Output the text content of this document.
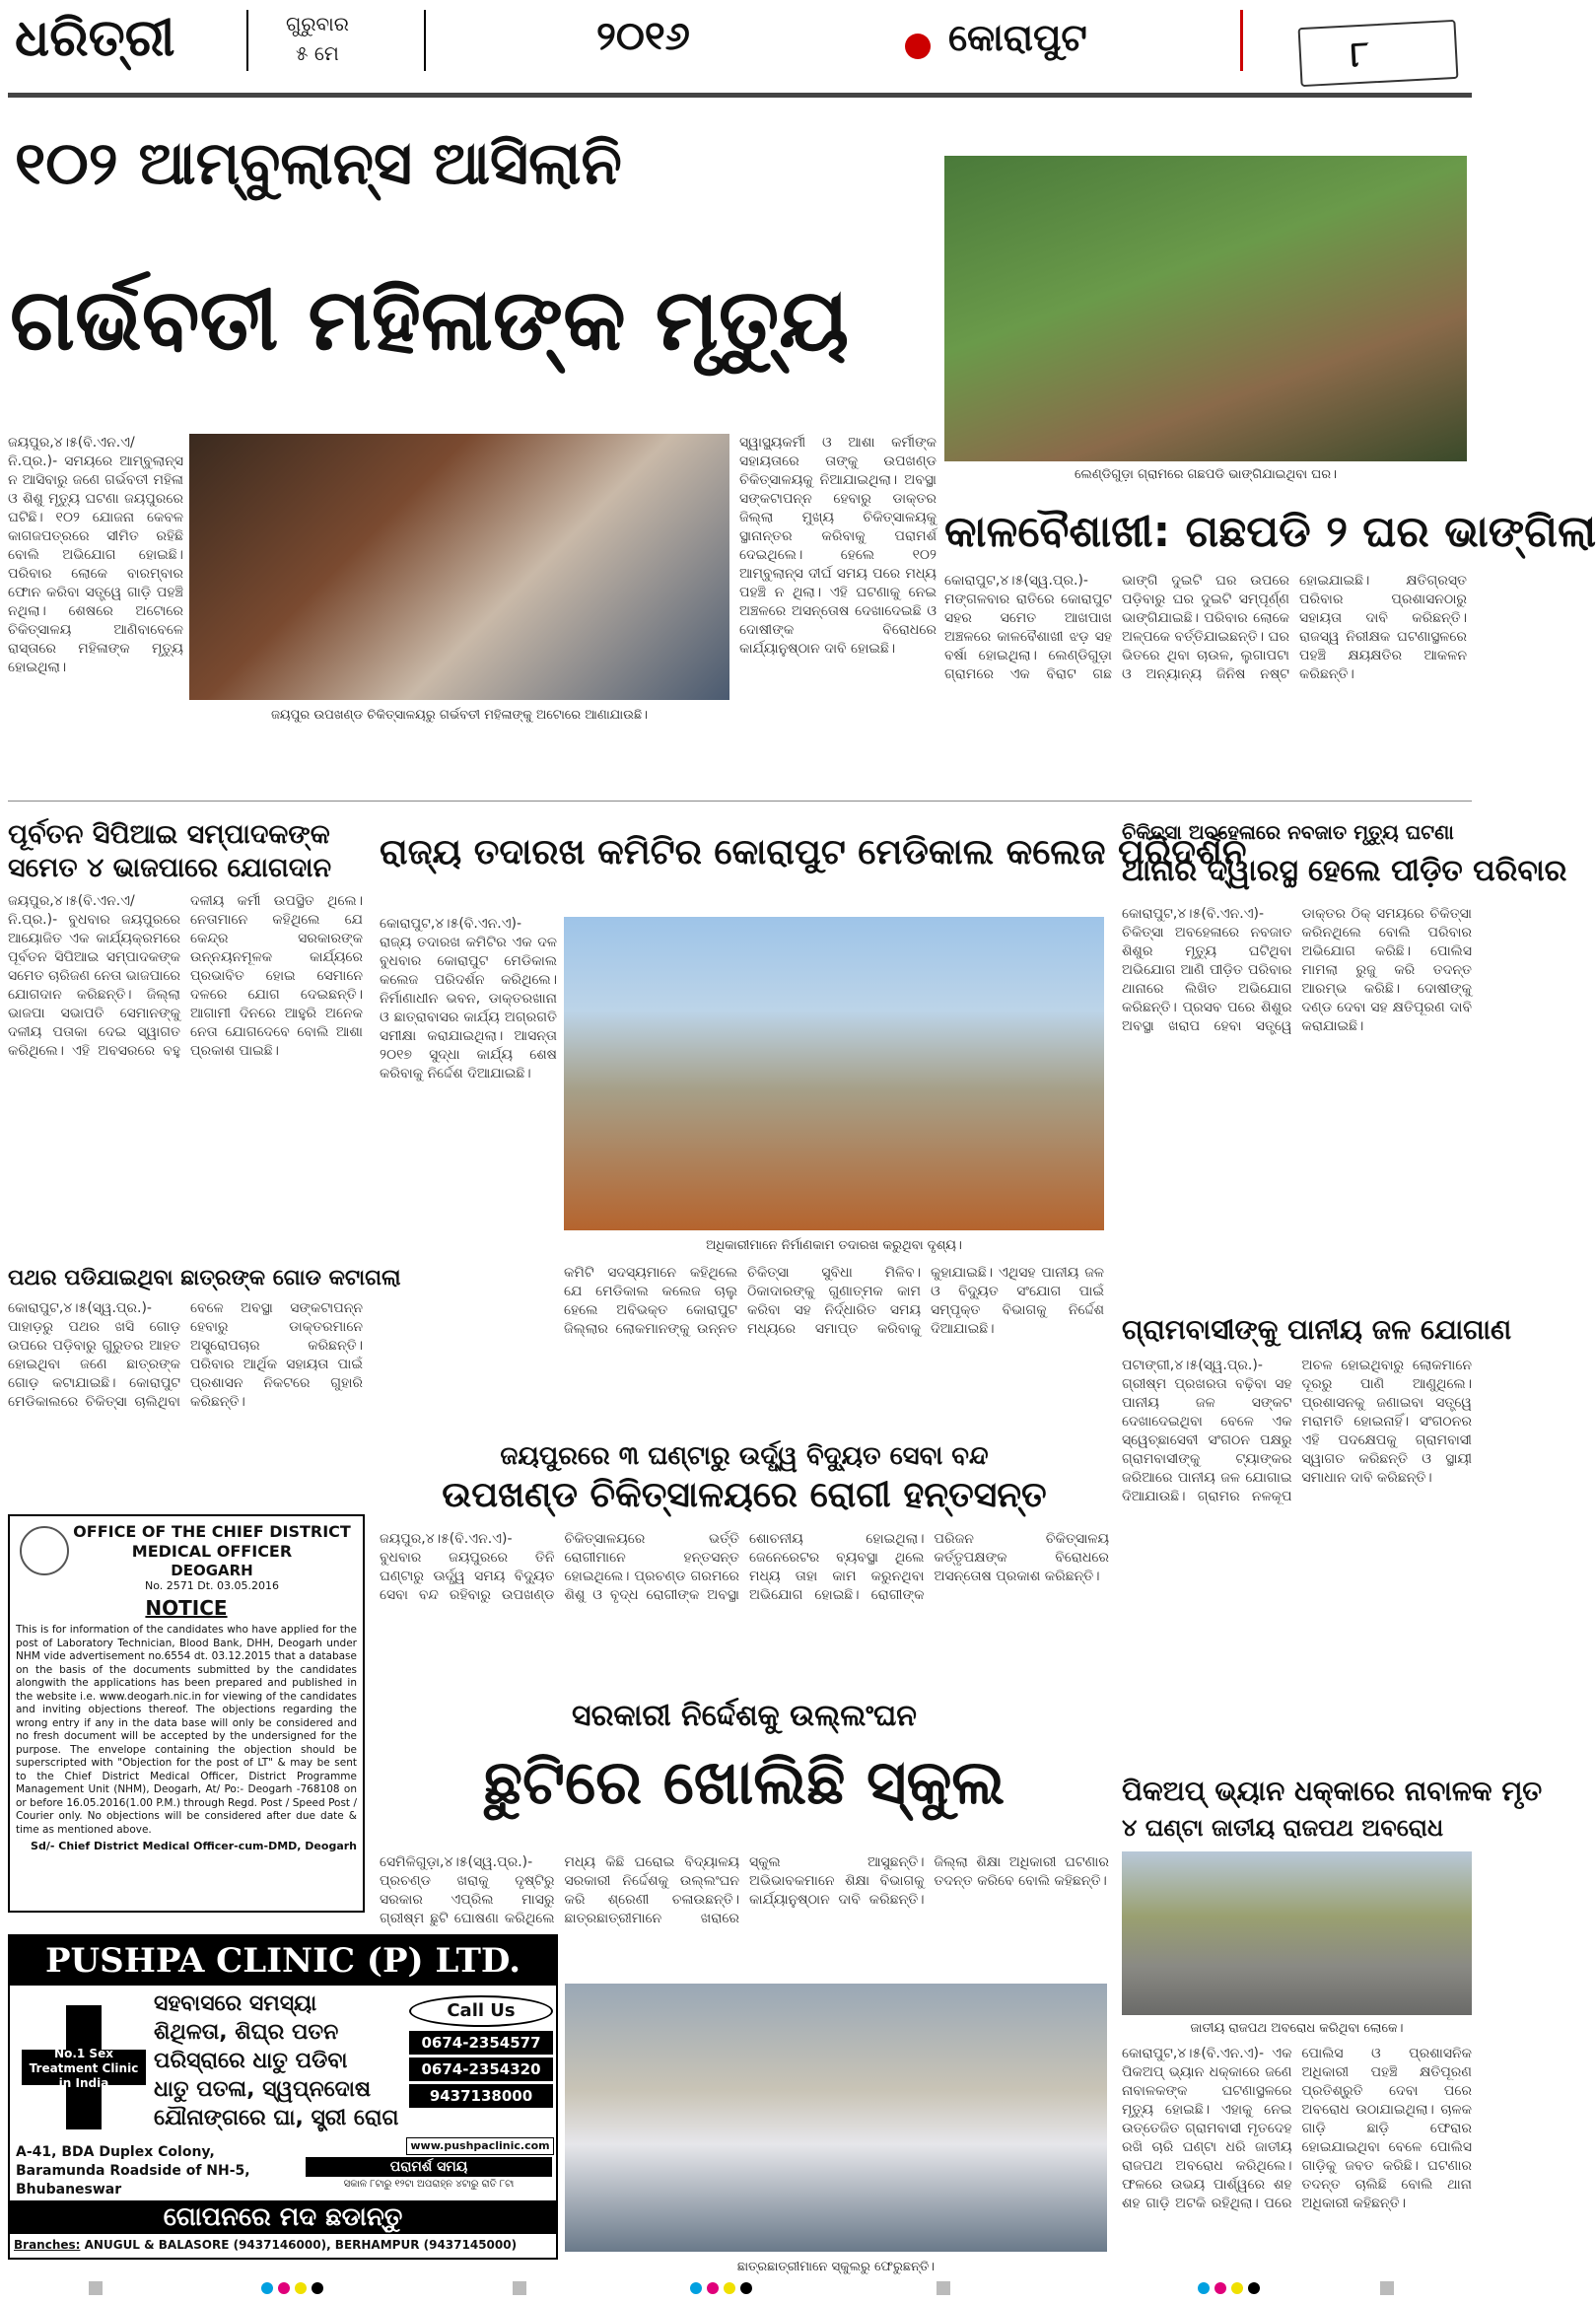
ଧରିତ୍ରୀ	ଗୁରୁବାର
୫ ମେ	୨୦୧୬	କୋରାପୁଟ	୮
୧୦୨ ଆମ୍ବୁଲାନ୍ସ ଆସିଲାନି
ଗର୍ଭବତୀ ମହିଳାଙ୍କ ମୃତ୍ୟୁ
ଜୟପୁର ଉପଖଣ୍ଡ ଚିକିତ୍ସାଳୟରୁ ଗର୍ଭବତୀ ମହିଳାଙ୍କୁ ଅଟୋରେ ଆଣାଯାଉଛି।
ଜୟପୁର,୪।୫(ବି.ଏନ.ଏ/ନି.ପ୍ର.)- ସମୟରେ ଆମ୍ବୁଲାନ୍ସ ନ ଆସିବାରୁ ଜଣେ ଗର୍ଭବତୀ ମହିଳା ଓ ଶିଶୁ ମୃତ୍ୟୁ ଘଟଣା ଜୟପୁରରେ ଘଟିଛି। ୧୦୨ ଯୋଜନା କେବଳ କାଗଜପତ୍ରରେ ସୀମିତ ରହିଛି ବୋଲି ଅଭିଯୋଗ ହୋଇଛି। ପରିବାର ଲୋକେ ବାରମ୍ବାର ଫୋନ କରିବା ସତ୍ତ୍ୱେ ଗାଡ଼ି ପହଞ୍ଚି ନଥିଲା। ଶେଷରେ ଅଟୋରେ ଚିକିତ୍ସାଳୟ ଆଣିବାବେଳେ ରାସ୍ତାରେ ମହିଳାଙ୍କ ମୃତ୍ୟୁ ହୋଇଥିଲା।
ସ୍ୱାସ୍ଥ୍ୟକର୍ମୀ ଓ ଆଶା କର୍ମୀଙ୍କ ସହାୟତାରେ ତାଙ୍କୁ ଉପଖଣ୍ଡ ଚିକିତ୍ସାଳୟକୁ ନିଆଯାଇଥିଲା। ଅବସ୍ଥା ସଙ୍କଟାପନ୍ନ ହେବାରୁ ଡାକ୍ତର ଜିଲ୍ଲା ମୁଖ୍ୟ ଚିକିତ୍ସାଳୟକୁ ସ୍ଥାନାନ୍ତର କରିବାକୁ ପରାମର୍ଶ ଦେଇଥିଲେ। ହେଲେ ୧୦୨ ଆମ୍ବୁଲାନ୍ସ ଦୀର୍ଘ ସମୟ ପରେ ମଧ୍ୟ ପହଞ୍ଚି ନ ଥିଲା। ଏହି ଘଟଣାକୁ ନେଇ ଅଞ୍ଚଳରେ ଅସନ୍ତୋଷ ଦେଖାଦେଇଛି ଓ ଦୋଷୀଙ୍କ ବିରୋଧରେ କାର୍ଯ୍ୟାନୁଷ୍ଠାନ ଦାବି ହୋଇଛି।
ଲେଣ୍ଡିଗୁଡ଼ା ଗ୍ରାମରେ ଗଛପଡି ଭାଙ୍ଗିଯାଇଥିବା ଘର।
କାଳବୈଶାଖୀ: ଗଛପଡି ୨ ଘର ଭାଙ୍ଗିଲା
କୋରାପୁଟ,୪।୫(ସ୍ୱ.ପ୍ର.)- ମଙ୍ଗଳବାର ରାତିରେ କୋରାପୁଟ ସହର ସମେତ ଆଖପାଖ ଅଞ୍ଚଳରେ କାଳବୈଶାଖୀ ଝଡ଼ ସହ ବର୍ଷା ହୋଇଥିଲା। ଲେଣ୍ଡିଗୁଡ଼ା ଗ୍ରାମରେ ଏକ ବିରାଟ ଗଛ ଭାଙ୍ଗି ଦୁଇଟି ଘର ଉପରେ ପଡ଼ିବାରୁ ଘର ଦୁଇଟି ସମ୍ପୂର୍ଣ୍ଣ ଭାଙ୍ଗିଯାଇଛି। ପରିବାର ଲୋକେ ଅଳ୍ପକେ ବର୍ତ୍ତିଯାଇଛନ୍ତି। ଘର ଭିତରେ ଥିବା ଚାଉଳ, ଲୁଗାପଟା ଓ ଅନ୍ୟାନ୍ୟ ଜିନିଷ ନଷ୍ଟ ହୋଇଯାଇଛି। କ୍ଷତିଗ୍ରସ୍ତ ପରିବାର ପ୍ରଶାସନଠାରୁ ସହାୟତା ଦାବି କରିଛନ୍ତି। ରାଜସ୍ୱ ନିରୀକ୍ଷକ ଘଟଣାସ୍ଥଳରେ ପହଞ୍ଚି କ୍ଷୟକ୍ଷତିର ଆକଳନ କରିଛନ୍ତି।
ପୂର୍ବତନ ସିପିଆଇ ସମ୍ପାଦକଙ୍କ ସମେତ ୪ ଭାଜପାରେ ଯୋଗଦାନ
ଜୟପୁର,୪।୫(ବି.ଏନ.ଏ/ନି.ପ୍ର.)- ବୁଧବାର ଜୟପୁରରେ ଆୟୋଜିତ ଏକ କାର୍ଯ୍ୟକ୍ରମରେ ପୂର୍ବତନ ସିପିଆଇ ସମ୍ପାଦକଙ୍କ ସମେତ ଚାରିଜଣ ନେତା ଭାଜପାରେ ଯୋଗଦାନ କରିଛନ୍ତି। ଜିଲ୍ଲା ଭାଜପା ସଭାପତି ସେମାନଙ୍କୁ ଦଳୀୟ ପତାକା ଦେଇ ସ୍ୱାଗତ କରିଥିଲେ। ଏହି ଅବସରରେ ବହୁ ଦଳୀୟ କର୍ମୀ ଉପସ୍ଥିତ ଥିଲେ। ନେତାମାନେ କହିଥିଲେ ଯେ କେନ୍ଦ୍ର ସରକାରଙ୍କ ଉନ୍ନୟନମୂଳକ କାର୍ଯ୍ୟରେ ପ୍ରଭାବିତ ହୋଇ ସେମାନେ ଦଳରେ ଯୋଗ ଦେଇଛନ୍ତି। ଆଗାମୀ ଦିନରେ ଆହୁରି ଅନେକ ନେତା ଯୋଗଦେବେ ବୋଲି ଆଶା ପ୍ରକାଶ ପାଇଛି।
ପଥର ପଡିଯାଇଥିବା ଛାତ୍ରଙ୍କ ଗୋଡ କଟାଗଲା
କୋରାପୁଟ,୪।୫(ସ୍ୱ.ପ୍ର.)- ପାହାଡ଼ରୁ ପଥର ଖସି ଗୋଡ଼ ଉପରେ ପଡ଼ିବାରୁ ଗୁରୁତର ଆହତ ହୋଇଥିବା ଜଣେ ଛାତ୍ରଙ୍କ ଗୋଡ଼ କଟାଯାଇଛି। କୋରାପୁଟ ମେଡିକାଲରେ ଚିକିତ୍ସା ଚାଲିଥିବା ବେଳେ ଅବସ୍ଥା ସଙ୍କଟାପନ୍ନ ହେବାରୁ ଡାକ୍ତରମାନେ ଅସ୍ତ୍ରୋପଚାର କରିଛନ୍ତି। ପରିବାର ଆର୍ଥିକ ସହାୟତା ପାଇଁ ପ୍ରଶାସନ ନିକଟରେ ଗୁହାରି କରିଛନ୍ତି।
ରାଜ୍ୟ ତଦାରଖ କମିଟିର କୋରାପୁଟ ମେଡିକାଲ କଲେଜ ପରିଦର୍ଶନ
କୋରାପୁଟ,୪।୫(ବି.ଏନ.ଏ)- ରାଜ୍ୟ ତଦାରଖ କମିଟିର ଏକ ଦଳ ବୁଧବାର କୋରାପୁଟ ମେଡିକାଲ କଲେଜ ପରିଦର୍ଶନ କରିଥିଲେ। ନିର୍ମାଣାଧୀନ ଭବନ, ଡାକ୍ତରଖାନା ଓ ଛାତ୍ରାବାସର କାର୍ଯ୍ୟ ଅଗ୍ରଗତି ସମୀକ୍ଷା କରାଯାଇଥିଲା। ଆସନ୍ତା ୨୦୧୭ ସୁଦ୍ଧା କାର୍ଯ୍ୟ ଶେଷ କରିବାକୁ ନିର୍ଦ୍ଦେଶ ଦିଆଯାଇଛି।
ଅଧିକାରୀମାନେ ନିର୍ମାଣକାମ ତଦାରଖ କରୁଥିବା ଦୃଶ୍ୟ।
କମିଟି ସଦସ୍ୟମାନେ କହିଥିଲେ ଯେ ମେଡିକାଲ କଲେଜ ଚାଲୁ ହେଲେ ଅବିଭକ୍ତ କୋରାପୁଟ ଜିଲ୍ଲାର ଲୋକମାନଙ୍କୁ ଉନ୍ନତ ଚିକିତ୍ସା ସୁବିଧା ମିଳିବ। ଠିକାଦାରଙ୍କୁ ଗୁଣାତ୍ମକ କାମ କରିବା ସହ ନିର୍ଦ୍ଧାରିତ ସମୟ ମଧ୍ୟରେ ସମାପ୍ତ କରିବାକୁ କୁହାଯାଇଛି। ଏଥିସହ ପାନୀୟ ଜଳ ଓ ବିଦ୍ୟୁତ ସଂଯୋଗ ପାଇଁ ସମ୍ପୃକ୍ତ ବିଭାଗକୁ ନିର୍ଦ୍ଦେଶ ଦିଆଯାଇଛି।
ଚିକିତ୍ସା ଅବହେଳାରେ ନବଜାତ ମୃତ୍ୟୁ ଘଟଣା
ଥାନାର ଦ୍ୱାରସ୍ଥ ହେଲେ ପୀଡ଼ିତ ପରିବାର
କୋରାପୁଟ,୪।୫(ବି.ଏନ.ଏ)- ଚିକିତ୍ସା ଅବହେଳାରେ ନବଜାତ ଶିଶୁର ମୃତ୍ୟୁ ଘଟିଥିବା ଅଭିଯୋଗ ଆଣି ପୀଡ଼ିତ ପରିବାର ଥାନାରେ ଲିଖିତ ଅଭିଯୋଗ କରିଛନ୍ତି। ପ୍ରସବ ପରେ ଶିଶୁର ଅବସ୍ଥା ଖରାପ ହେବା ସତ୍ତ୍ୱେ ଡାକ୍ତର ଠିକ୍ ସମୟରେ ଚିକିତ୍ସା କରିନଥିଲେ ବୋଲି ପରିବାର ଅଭିଯୋଗ କରିଛି। ପୋଲିସ ମାମଲା ରୁଜୁ କରି ତଦନ୍ତ ଆରମ୍ଭ କରିଛି। ଦୋଷୀଙ୍କୁ ଦଣ୍ଡ ଦେବା ସହ କ୍ଷତିପୂରଣ ଦାବି କରାଯାଇଛି।
ଗ୍ରାମବାସୀଙ୍କୁ ପାନୀୟ ଜଳ ଯୋଗାଣ
ପଟାଙ୍ଗୀ,୪।୫(ସ୍ୱ.ପ୍ର.)- ଗ୍ରୀଷ୍ମ ପ୍ରଖରତା ବଢ଼ିବା ସହ ପାନୀୟ ଜଳ ସଙ୍କଟ ଦେଖାଦେଇଥିବା ବେଳେ ଏକ ସ୍ୱେଚ୍ଛାସେବୀ ସଂଗଠନ ପକ୍ଷରୁ ଗ୍ରାମବାସୀଙ୍କୁ ଟ୍ୟାଙ୍କର ଜରିଆରେ ପାନୀୟ ଜଳ ଯୋଗାଇ ଦିଆଯାଉଛି। ଗ୍ରାମର ନଳକୂପ ଅଚଳ ହୋଇଥିବାରୁ ଲୋକମାନେ ଦୂରରୁ ପାଣି ଆଣୁଥିଲେ। ପ୍ରଶାସନକୁ ଜଣାଇବା ସତ୍ତ୍ୱେ ମରାମତି ହୋଇନାହିଁ। ସଂଗଠନର ଏହି ପଦକ୍ଷେପକୁ ଗ୍ରାମବାସୀ ସ୍ୱାଗତ କରିଛନ୍ତି ଓ ସ୍ଥାୟୀ ସମାଧାନ ଦାବି କରିଛନ୍ତି।
ଜୟପୁରରେ ୩ ଘଣ୍ଟାରୁ ଉର୍ଦ୍ଧ୍ୱ ବିଦ୍ୟୁତ ସେବା ବନ୍ଦ
ଉପଖଣ୍ଡ ଚିକିତ୍ସାଳୟରେ ରୋଗୀ ହନ୍ତସନ୍ତ
ଜୟପୁର,୪।୫(ବି.ଏନ.ଏ)- ବୁଧବାର ଜୟପୁରରେ ତିନି ଘଣ୍ଟାରୁ ଊର୍ଦ୍ଧ୍ୱ ସମୟ ବିଦ୍ୟୁତ ସେବା ବନ୍ଦ ରହିବାରୁ ଉପଖଣ୍ଡ ଚିକିତ୍ସାଳୟରେ ଭର୍ତ୍ତି ରୋଗୀମାନେ ହନ୍ତସନ୍ତ ହୋଇଥିଲେ। ପ୍ରଚଣ୍ଡ ଗରମରେ ଶିଶୁ ଓ ବୃଦ୍ଧ ରୋଗୀଙ୍କ ଅବସ୍ଥା ଶୋଚନୀୟ ହୋଇଥିଲା। ଜେନେରେଟର ବ୍ୟବସ୍ଥା ଥିଲେ ମଧ୍ୟ ତାହା କାମ କରୁନଥିବା ଅଭିଯୋଗ ହୋଇଛି। ରୋଗୀଙ୍କ ପରିଜନ ଚିକିତ୍ସାଳୟ କର୍ତ୍ତୃପକ୍ଷଙ୍କ ବିରୋଧରେ ଅସନ୍ତୋଷ ପ୍ରକାଶ କରିଛନ୍ତି।
ସରକାରୀ ନିର୍ଦ୍ଦେଶକୁ ଉଲ୍ଲଂଘନ
ଛୁଟିରେ ଖୋଲିଛି ସ୍କୁଲ
ସେମିଳିଗୁଡ଼ା,୪।୫(ସ୍ୱ.ପ୍ର.)- ପ୍ରଚଣ୍ଡ ଖରାକୁ ଦୃଷ୍ଟିରୁ ସରକାର ଏପ୍ରିଲ ମାସରୁ ଗ୍ରୀଷ୍ମ ଛୁଟି ଘୋଷଣା କରିଥିଲେ ମଧ୍ୟ କିଛି ଘରୋଇ ବିଦ୍ୟାଳୟ ସରକାରୀ ନିର୍ଦ୍ଦେଶକୁ ଉଲ୍ଲଂଘନ କରି ଶ୍ରେଣୀ ଚଳାଉଛନ୍ତି। ଛାତ୍ରଛାତ୍ରୀମାନେ ଖରାରେ ସ୍କୁଲ ଆସୁଛନ୍ତି। ଅଭିଭାବକମାନେ ଶିକ୍ଷା ବିଭାଗକୁ କାର୍ଯ୍ୟାନୁଷ୍ଠାନ ଦାବି କରିଛନ୍ତି। ଜିଲ୍ଲା ଶିକ୍ଷା ଅଧିକାରୀ ଘଟଣାର ତଦନ୍ତ କରିବେ ବୋଲି କହିଛନ୍ତି।
ଛାତ୍ରଛାତ୍ରୀମାନେ ସ୍କୁଲରୁ ଫେରୁଛନ୍ତି।
ପିକଅପ୍ ଭ୍ୟାନ ଧକ୍କାରେ ନାବାଳକ ମୃତ
୪ ଘଣ୍ଟା ଜାତୀୟ ରାଜପଥ ଅବରୋଧ
ଜାତୀୟ ରାଜପଥ ଅବରୋଧ କରିଥିବା ଲୋକେ।
କୋରାପୁଟ,୪।୫(ବି.ଏନ.ଏ)- ଏକ ପିକଅପ୍ ଭ୍ୟାନ ଧକ୍କାରେ ଜଣେ ନାବାଳକଙ୍କ ଘଟଣାସ୍ଥଳରେ ମୃତ୍ୟୁ ହୋଇଛି। ଏହାକୁ ନେଇ ଉତ୍ତେଜିତ ଗ୍ରାମବାସୀ ମୃତଦେହ ରଖି ଚାରି ଘଣ୍ଟା ଧରି ଜାତୀୟ ରାଜପଥ ଅବରୋଧ କରିଥିଲେ। ଫଳରେ ଉଭୟ ପାର୍ଶ୍ୱରେ ଶହ ଶହ ଗାଡ଼ି ଅଟକି ରହିଥିଲା। ପରେ ପୋଲିସ ଓ ପ୍ରଶାସନିକ ଅଧିକାରୀ ପହଞ୍ଚି କ୍ଷତିପୂରଣ ପ୍ରତିଶ୍ରୁତି ଦେବା ପରେ ଅବରୋଧ ଉଠାଯାଇଥିଲା। ଚାଳକ ଗାଡ଼ି ଛାଡ଼ି ଫେରାର ହୋଇଯାଇଥିବା ବେଳେ ପୋଲିସ ଗାଡ଼ିକୁ ଜବତ କରିଛି। ଘଟଣାର ତଦନ୍ତ ଚାଲିଛି ବୋଲି ଥାନା ଅଧିକାରୀ କହିଛନ୍ତି।
OFFICE OF THE CHIEF DISTRICT MEDICAL OFFICER
DEOGARH
No. 2571 Dt. 03.05.2016
NOTICE
This is for information of the candidates who have applied for the post of Laboratory Technician, Blood Bank, DHH, Deogarh under NHM vide advertisement no.6554 dt. 03.12.2015 that a database on the basis of the documents submitted by the candidates alongwith the applications has been prepared and published in the website i.e. www.deogarh.nic.in for viewing of the candidates and inviting objections thereof. The objections regarding the wrong entry if any in the data base will only be considered and no fresh document will be accepted by the undersigned for the purpose. The envelope containing the objection should be superscripted with "Objection for the post of LT" & may be sent to the Chief District Medical Officer, District Programme Management Unit (NHM), Deogarh, At/ Po:- Deogarh -768108 on or before 16.05.2016(1.00 P.M.) through Regd. Post / Speed Post / Courier only. No objections will be considered after due date & time as mentioned above.
Sd/- Chief District Medical Officer-cum-DMD, Deogarh
PUSHPA CLINIC (P) LTD.
No.1 Sex Treatment Clinic in India
ସହବାସରେ ସମସ୍ୟା
ଶିଥିଳତା, ଶିଘ୍ର ପତନ
ପରିସ୍ରାରେ ଧାତୁ ପଡିବା
ଧାତୁ ପତଳା, ସ୍ୱପ୍ନଦୋଷ
ଯୌନାଙ୍ଗରେ ଘା, ସ୍ତ୍ରୀ ରୋଗ
Call Us
0674-2354577
0674-2354320
9437138000
www.pushpaclinic.com
A-41, BDA Duplex Colony, Baramunda Roadside of NH-5, Bhubaneswar
ପରାମର୍ଶ ସମୟ
ସକାଳ ୮ଟାରୁ ୧୨ଟା ଅପରାହ୍ନ ୪ଟାରୁ ରାତି ୮ଟା
ଗୋପନରେ ମଦ ଛଡାନ୍ତୁ
Branches: ANUGUL & BALASORE (9437146000), BERHAMPUR (9437145000)
